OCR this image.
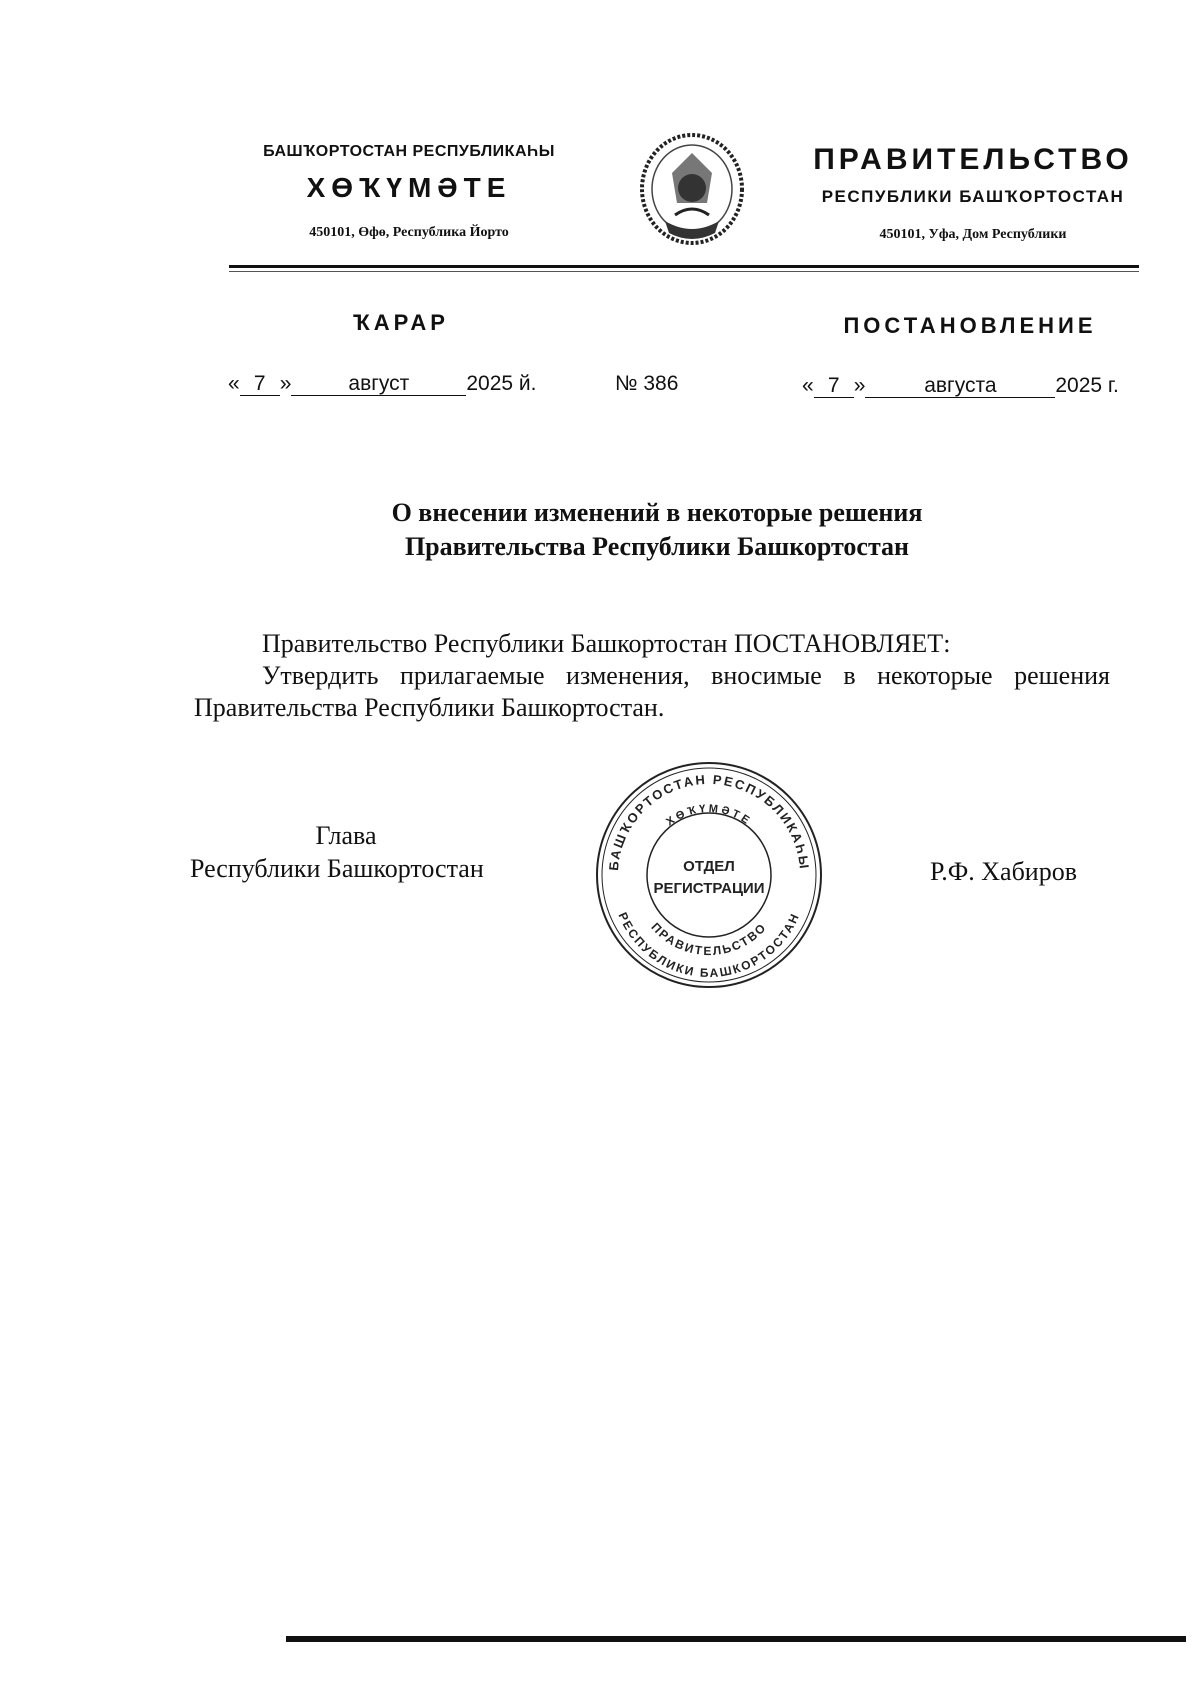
БАШҠОРТОСТАН РЕСПУБЛИКАҺЫ
ХӨҠҮМӘТЕ
450101, Өфө, Республика Йорто
ПРАВИТЕЛЬСТВО
РЕСПУБЛИКИ БАШҠОРТОСТАН
450101, Уфа, Дом Республики
ҠАРАР	ПОСТАНОВЛЕНИЕ
« 7 »	август	2025 й.	№ 386	« 7 »	августа	2025 г.
О внесении изменений в некоторые решения
Правительства Республики Башкортостан
Правительство Республики Башкортостан ПОСТАНОВЛЯЕТ:
Утвердить прилагаемые изменения, вносимые в некоторые решения Правительства Республики Башкортостан.
Глава
Республики Башкортостан	Р.Ф. Хабиров
БАШҠОРТОСТАН РЕСПУБЛИКАҺЫ
ХӨҠҮМӘТЕ
ПРАВИТЕЛЬСТВО
РЕСПУБЛИКИ БАШКОРТОСТАН
ОТДЕЛ
РЕГИСТРАЦИИ
